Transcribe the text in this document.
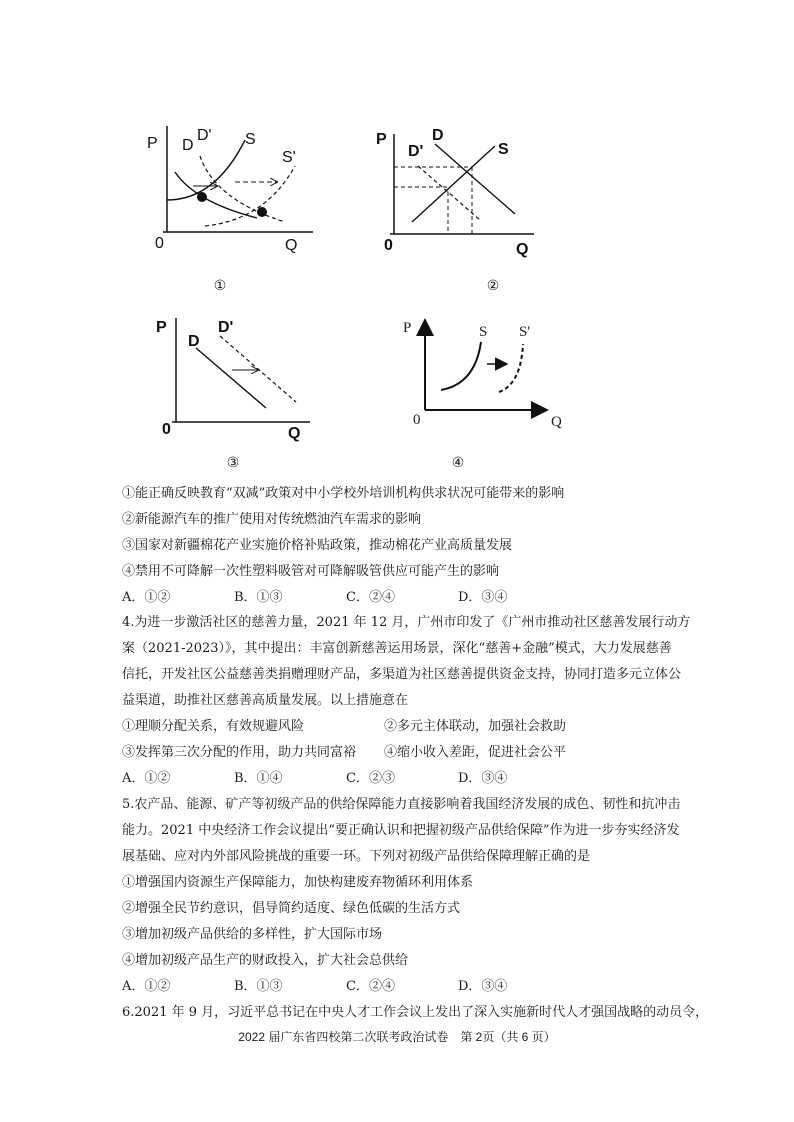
P D
D' S
S'
0	Q
①
P	D
D'	S
0	Q
②
P
D
D'
0	Q
③
P	S S'
0	Q
④
①能正确反映教育“双减”政策对中小学校外培训机构供求状况可能带来的影响
②新能源汽车的推广使用对传统燃油汽车需求的影响
③国家对新疆棉花产业实施价格补贴政策，推动棉花产业高质量发展
④禁用不可降解一次性塑料吸管对可降解吸管供应可能产生的影响
A．①②	B．①③	C．②④	D．③④
4.为进一步激活社区的慈善力量，2021 年 12 月，广州市印发了《广州市推动社区慈善发展行动方
案（2021-2023）》，其中提出：丰富创新慈善运用场景，深化“慈善+金融”模式，大力发展慈善
信托，开发社区公益慈善类捐赠理财产品，多渠道为社区慈善提供资金支持，协同打造多元立体公
益渠道，助推社区慈善高质量发展。以上措施意在
①理顺分配关系，有效规避风险	②多元主体联动，加强社会救助
③发挥第三次分配的作用，助力共同富裕 ④缩小收入差距，促进社会公平
A．①②	B．①④	C．②③	D．③④
5.农产品、能源、矿产等初级产品的供给保障能力直接影响着我国经济发展的成色、韧性和抗冲击
能力。2021 中央经济工作会议提出“要正确认识和把握初级产品供给保障”作为进一步夯实经济发
展基础、应对内外部风险挑战的重要一环。下列对初级产品供给保障理解正确的是
①增强国内资源生产保障能力，加快构建废弃物循环利用体系
②增强全民节约意识，倡导简约适度、绿色低碳的生活方式
③增加初级产品供给的多样性，扩大国际市场
④增加初级产品生产的财政投入，扩大社会总供给
A．①②	B．①③	C．②④	D．③④
6.2021 年 9 月，习近平总书记在中央人才工作会议上发出了深入实施新时代人才强国战略的动员令，
2022 届广东省四校第二次联考政治试卷　第 2页（共 6 页）
